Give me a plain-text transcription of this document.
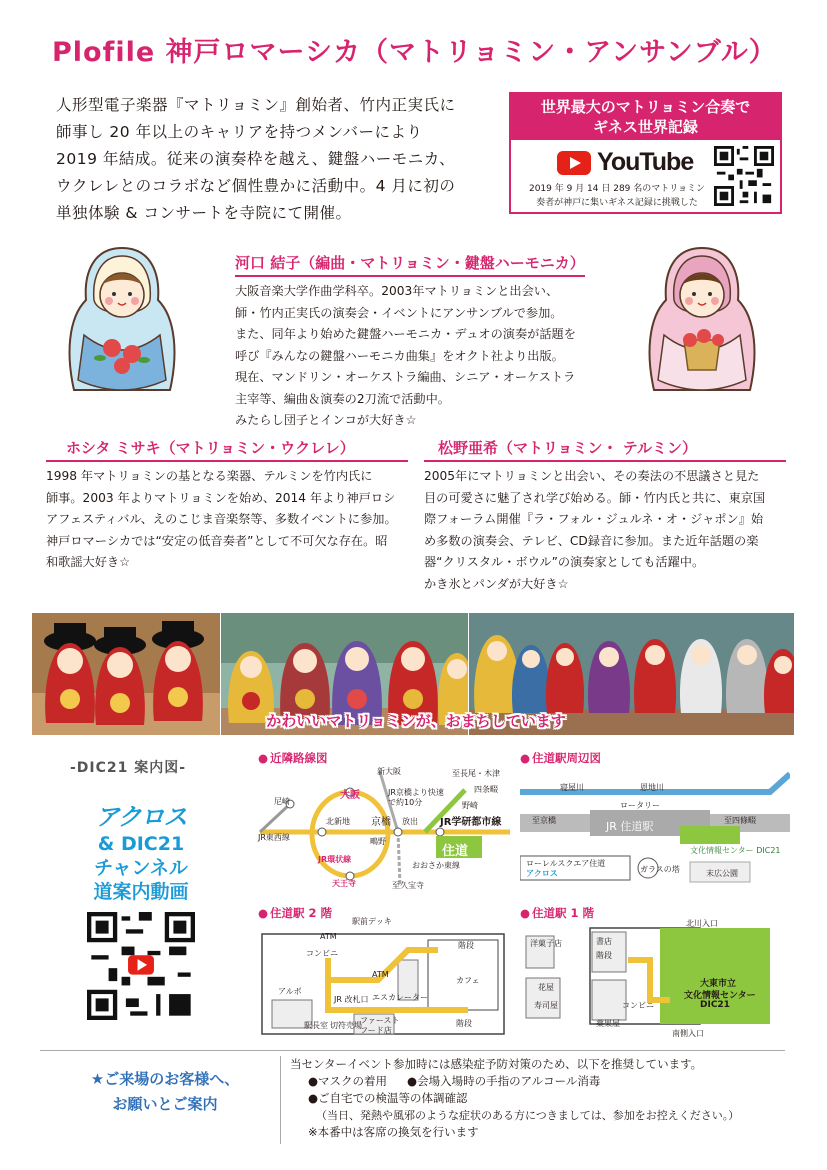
Plofile 神戸ロマーシカ（マトリョミン・アンサンブル）
人形型電子楽器『マトリョミン』創始者、竹内正実氏に
師事し 20 年以上のキャリアを持つメンバーにより
2019 年結成。従来の演奏枠を越え、鍵盤ハーモニカ、
ウクレレとのコラボなど個性豊かに活動中。4 月に初の
単独体験 & コンサートを寺院にて開催。
世界最大のマトリョミン合奏で
ギネス世界記録
YouTube
2019 年 9 月 14 日 289 名のマトリョミン
奏者が神戸に集いギネス記録に挑戦した
河口 結子（編曲・マトリョミン・鍵盤ハーモニカ）
大阪音楽大学作曲学科卒。2003年マトリョミンと出会い、
師・竹内正実氏の演奏会・イベントにアンサンブルで参加。
また、同年より始めた鍵盤ハーモニカ・デュオの演奏が話題を
呼び『みんなの鍵盤ハーモニカ曲集』をオクト社より出版。
現在、マンドリン・オーケストラ編曲、シニア・オーケストラ
主宰等、編曲＆演奏の2刀流で活動中。
みたらし団子とインコが大好き☆
ホシタ ミサキ（マトリョミン・ウクレレ）
1998 年マトリョミンの基となる楽器、テルミンを竹内氏に
師事。2003 年よりマトリョミンを始め、2014 年より神戸ロシ
アフェスティバル、えのこじま音楽祭等、多数イベントに参加。
神戸ロマーシカでは“安定の低音奏者”として不可欠な存在。昭
和歌謡大好き☆
松野亜希（マトリョミン・ テルミン）
2005年にマトリョミンと出会い、その奏法の不思議さと見た
目の可愛さに魅了され学び始める。師・竹内氏と共に、東京国
際フォーラム開催『ラ・フォル・ジュルネ・オ・ジャポン』始
め多数の演奏会、テレビ、CD録音に参加。また近年話題の楽
器“クリスタル・ボウル”の演奏家としても活躍中。
かき氷とパンダが大好き☆
かわいいマトリョミンが、おまちしています
-DIC21 案内図-
アクロス
& DIC21
チャンネル
道案内動画
● 近隣路線図
新大阪	至長尾・木津
四条畷
野崎
JR京橋より快速で約10分
尼崎
大阪
北新地 京橋 放出 JR学研都市線
住道
JR東西線
JR環状線
鴫野
おおさか東線
天王寺	至久宝寺
● 住道駅周辺図
寝屋川	恩地川
ロータリー
至京橋	JR 住道駅	至四條畷
文化情報センター DIC21
ローレルスクエア住道
アクロス	ガラスの塔	末広公園
● 住道駅 2 階
駅前デッキ
ATM
コンビニ
階段
カフェ
ATM
エスカレーター
アルボ
JR 改札口
ファーストフード店
駅長室 切符売場	階段
● 住道駅 1 階
北川入口
洋菓子店	書店
階段
花屋
寿司屋	コンビニ
薬果屋
大東市立
文化情報センター
DIC21
南側入口
★ご来場のお客様へ、
お願いとご案内
当センターイベント参加時には感染症予防対策のため、以下を推奨しています。
●マスクの着用 ●会場入場時の手指のアルコール消毒
●ご自宅での検温等の体調確認
（当日、発熱や風邪のような症状のある方につきましては、参加をお控えください。）
※本番中は客席の換気を行います
